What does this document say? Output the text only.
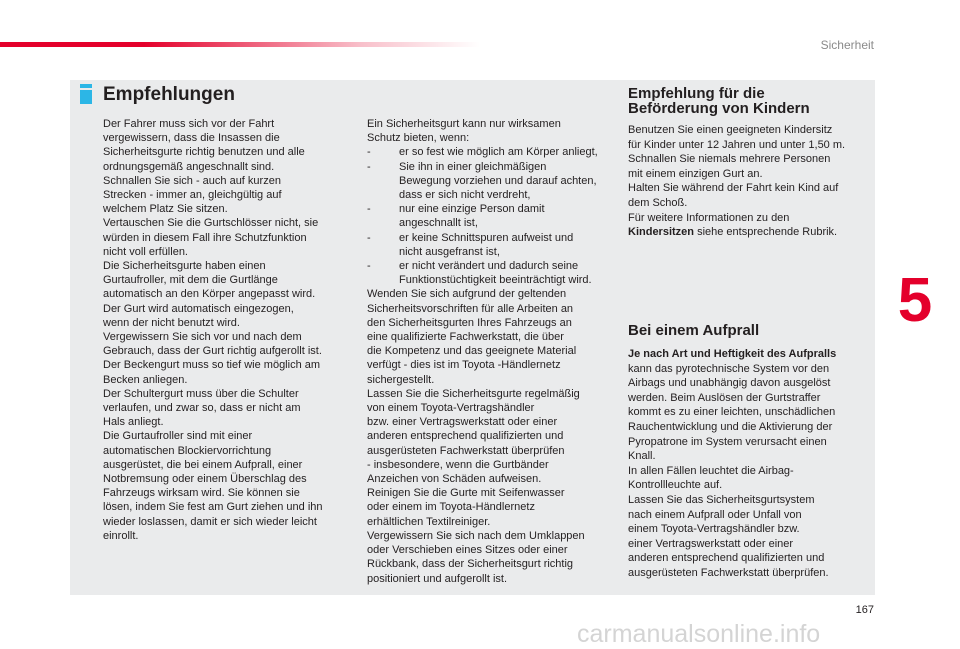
Sicherheit
Empfehlungen

Der Fahrer muss sich vor der Fahrt

vergewissern, dass die Insassen die

Sicherheitsgurte richtig benutzen und alle

ordnungsgemäß angeschnallt sind.

Schnallen Sie sich - auch auf kurzen

Strecken - immer an, gleichgültig auf

welchem Platz Sie sitzen.

Vertauschen Sie die Gurtschlösser nicht, sie

würden in diesem Fall ihre Schutzfunktion

nicht voll erfüllen.

Die Sicherheitsgurte haben einen

Gurtaufroller, mit dem die Gurtlänge

automatisch an den Körper angepasst wird.

Der Gurt wird automatisch eingezogen,

wenn der nicht benutzt wird.

Vergewissern Sie sich vor und nach dem

Gebrauch, dass der Gurt richtig aufgerollt ist.

Der Beckengurt muss so tief wie möglich am

Becken anliegen.

Der Schultergurt muss über die Schulter

verlaufen, und zwar so, dass er nicht am

Hals anliegt.

Die Gurtaufroller sind mit einer

automatischen Blockiervorrichtung

ausgerüstet, die bei einem Aufprall, einer

Notbremsung oder einem Überschlag des

Fahrzeugs wirksam wird. Sie können sie

lösen, indem Sie fest am Gurt ziehen und ihn

wieder loslassen, damit er sich wieder leicht

einrollt.

Ein Sicherheitsgurt kann nur wirksamen

Schutz bieten, wenn:

-	er so fest wie möglich am Körper anliegt,

-	Sie ihn in einer gleichmäßigen

Bewegung vorziehen und darauf achten,

dass er sich nicht verdreht,

-	nur eine einzige Person damit

angeschnallt ist,

-	er keine Schnittspuren aufweist und

nicht ausgefranst ist,

-	er nicht verändert und dadurch seine

Funktionstüchtigkeit beeinträchtigt wird.

Wenden Sie sich aufgrund der geltenden

Sicherheitsvorschriften für alle Arbeiten an

den Sicherheitsgurten Ihres Fahrzeugs an

eine qualifizierte Fachwerkstatt, die über

die Kompetenz und das geeignete Material

verfügt - dies ist im Toyota -Händlernetz

sichergestellt.

Lassen Sie die Sicherheitsgurte regelmäßig

von einem Toyota-Vertragshändler

bzw. einer Vertragswerkstatt oder einer

anderen entsprechend qualifizierten und

ausgerüsteten Fachwerkstatt überprüfen

- insbesondere, wenn die Gurtbänder

Anzeichen von Schäden aufweisen.

Reinigen Sie die Gurte mit Seifenwasser

oder einem im Toyota-Händlernetz

erhältlichen Textilreiniger.

Vergewissern Sie sich nach dem Umklappen

oder Verschieben eines Sitzes oder einer

Rückbank, dass der Sicherheitsgurt richtig

positioniert und aufgerollt ist.

Empfehlung für die
Beförderung von Kindern

Benutzen Sie einen geeigneten Kindersitz

für Kinder unter 12 Jahren und unter 1,50 m.

Schnallen Sie niemals mehrere Personen

mit einem einzigen Gurt an.

Halten Sie während der Fahrt kein Kind auf

dem Schoß.

Für weitere Informationen zu den

Kindersitzen siehe entsprechende Rubrik.

Bei einem Aufprall

Je nach Art und Heftigkeit des Aufpralls

kann das pyrotechnische System vor den

Airbags und unabhängig davon ausgelöst

werden. Beim Auslösen der Gurtstraffer

kommt es zu einer leichten, unschädlichen

Rauchentwicklung und die Aktivierung der

Pyropatrone im System verursacht einen

Knall.

In allen Fällen leuchtet die Airbag-

Kontrollleuchte auf.

Lassen Sie das Sicherheitsgurtsystem

nach einem Aufprall oder Unfall von

einem Toyota-Vertragshändler bzw.

einer Vertragswerkstatt oder einer

anderen entsprechend qualifizierten und

ausgerüsteten Fachwerkstatt überprüfen.

5
167
carmanualsonline.info
